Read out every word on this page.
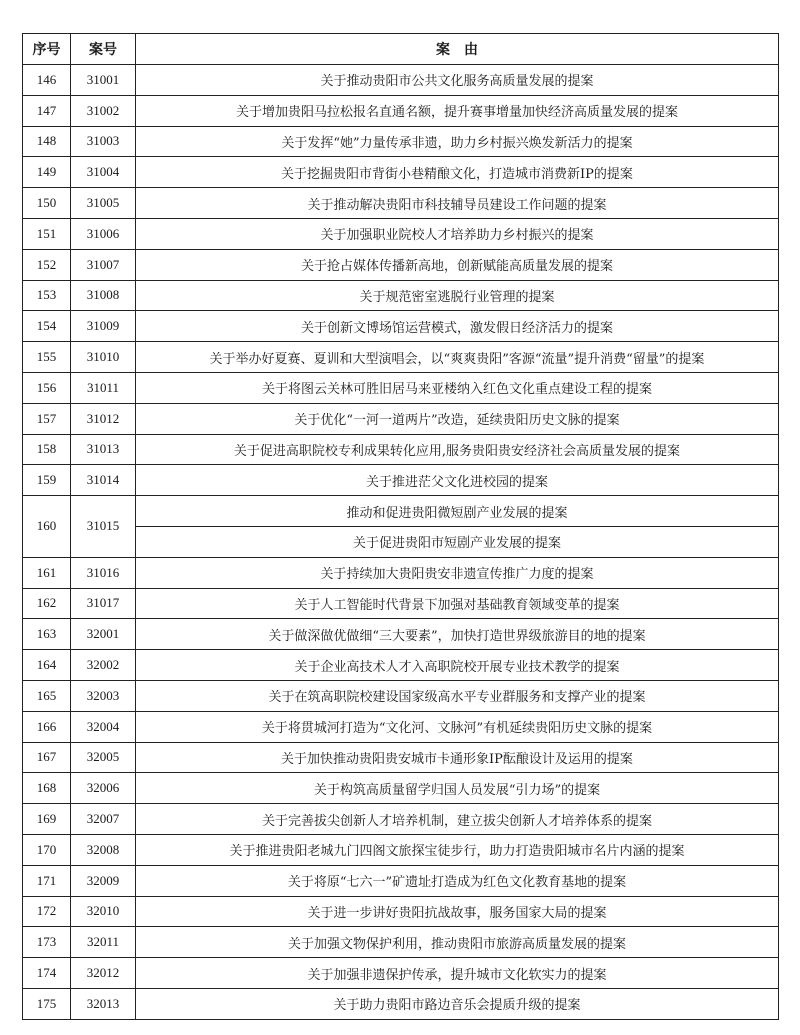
序号	案号	案　由
146	31001	关于推动贵阳市公共文化服务高质量发展的提案
147	31002	关于增加贵阳马拉松报名直通名额，提升赛事增量加快经济高质量发展的提案
148	31003	关于发挥“她”力量传承非遗，助力乡村振兴焕发新活力的提案
149	31004	关于挖掘贵阳市背街小巷精酿文化，打造城市消费新IP的提案
150	31005	关于推动解决贵阳市科技辅导员建设工作问题的提案
151	31006	关于加强职业院校人才培养助力乡村振兴的提案
152	31007	关于抢占媒体传播新高地，创新赋能高质量发展的提案
153	31008	关于规范密室逃脱行业管理的提案
154	31009	关于创新文博场馆运营模式，激发假日经济活力的提案
155	31010	关于举办好夏赛、夏训和大型演唱会，以“爽爽贵阳”客源“流量”提升消费“留量”的提案
156	31011	关于将图云关林可胜旧居马来亚楼纳入红色文化重点建设工程的提案
157	31012	关于优化“一河一道两片”改造，延续贵阳历史文脉的提案
158	31013	关于促进高职院校专利成果转化应用,服务贵阳贵安经济社会高质量发展的提案
159	31014	关于推进茫父文化进校园的提案
160	31015	推动和促进贵阳微短剧产业发展的提案
		关于促进贵阳市短剧产业发展的提案
161	31016	关于持续加大贵阳贵安非遗宣传推广力度的提案
162	31017	关于人工智能时代背景下加强对基础教育领域变革的提案
163	32001	关于做深做优做细“三大要素”，加快打造世界级旅游目的地的提案
164	32002	关于企业高技术人才入高职院校开展专业技术教学的提案
165	32003	关于在筑高职院校建设国家级高水平专业群服务和支撑产业的提案
166	32004	关于将贯城河打造为“文化河、文脉河”有机延续贵阳历史文脉的提案
167	32005	关于加快推动贵阳贵安城市卡通形象IP酝酿设计及运用的提案
168	32006	关于构筑高质量留学归国人员发展“引力场”的提案
169	32007	关于完善拔尖创新人才培养机制，建立拔尖创新人才培养体系的提案
170	32008	关于推进贵阳老城九门四阁文旅探宝徒步行，助力打造贵阳城市名片内涵的提案
171	32009	关于将原“七六一”矿遗址打造成为红色文化教育基地的提案
172	32010	关于进一步讲好贵阳抗战故事，服务国家大局的提案
173	32011	关于加强文物保护利用，推动贵阳市旅游高质量发展的提案
174	32012	关于加强非遗保护传承，提升城市文化软实力的提案
175	32013	关于助力贵阳市路边音乐会提质升级的提案
